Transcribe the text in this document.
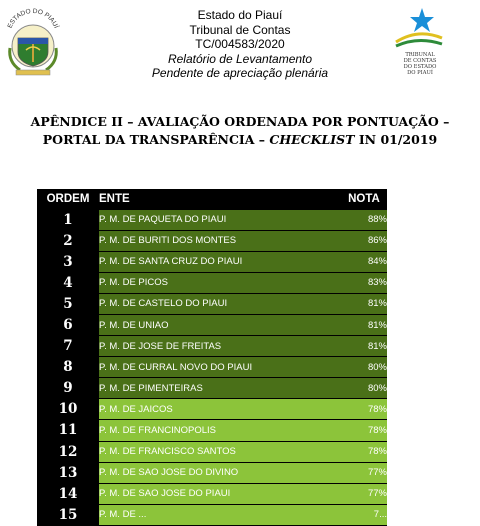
ESTADO DO PIAUÍ
Estado do Piauí
Tribunal de Contas
TC/004583/2020
Relatório de Levantamento
Pendente de apreciação plenária
TRIBUNAL
DE CONTAS
DO ESTADO
DO PIAUÍ
APÊNDICE II – AVALIAÇÃO ORDENADA POR PONTUAÇÃO –
PORTAL DA TRANSPARÊNCIA – CHECKLIST IN 01/2019
ORDEM	ENTE	NOTA
1	P. M. DE PAQUETA DO PIAUI	88%
2	P. M. DE BURITI DOS MONTES	86%
3	P. M. DE SANTA CRUZ DO PIAUI	84%
4	P. M. DE PICOS	83%
5	P. M. DE CASTELO DO PIAUI	81%
6	P. M. DE UNIAO	81%
7	P. M. DE JOSE DE FREITAS	81%
8	P. M. DE CURRAL NOVO DO PIAUI	80%
9	P. M. DE PIMENTEIRAS	80%
10	P. M. DE JAICOS	78%
11	P. M. DE FRANCINOPOLIS	78%
12	P. M. DE FRANCISCO SANTOS	78%
13	P. M. DE SAO JOSE DO DIVINO	77%
14	P. M. DE SAO JOSE DO PIAUI	77%
15	P. M. DE ...	7...
